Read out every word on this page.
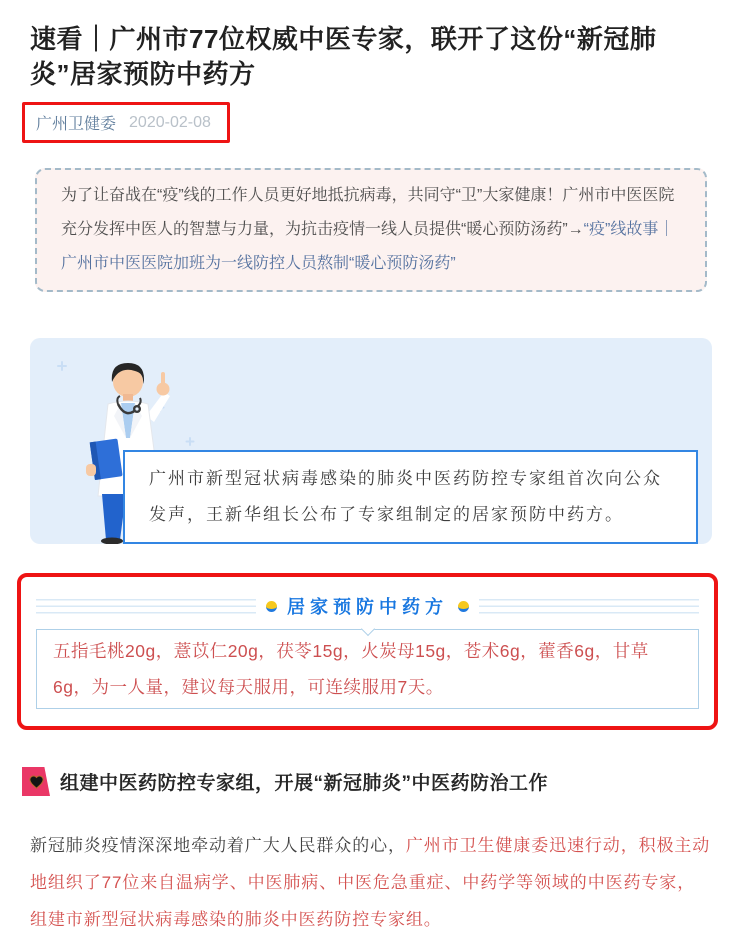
速看｜广州市77位权威中医专家，联开了这份“新冠肺炎”居家预防中药方
广州卫健委 2020-02-08
为了让奋战在“疫”线的工作人员更好地抵抗病毒，共同守“卫”大家健康！广州市中医医院充分发挥中医人的智慧与力量，为抗击疫情一线人员提供“暖心预防汤药”→“疫”线故事｜广州市中医医院加班为一线防控人员熬制“暖心预防汤药”
广州市新型冠状病毒感染的肺炎中医药防控专家组首次向公众发声，王新华组长公布了专家组制定的居家预防中药方。
居家预防中药方
五指毛桃20g，薏苡仁20g，茯苓15g，火炭母15g，苍术6g，藿香6g，甘草6g，为一人量，建议每天服用，可连续服用7天。
组建中医药防控专家组，开展“新冠肺炎”中医药防治工作

新冠肺炎疫情深深地牵动着广大人民群众的心，广州市卫生健康委迅速行动，积极主动地组织了77位来自温病学、中医肺病、中医危急重症、中药学等领域的中医药专家，组建市新型冠状病毒感染的肺炎中医药防控专家组。
